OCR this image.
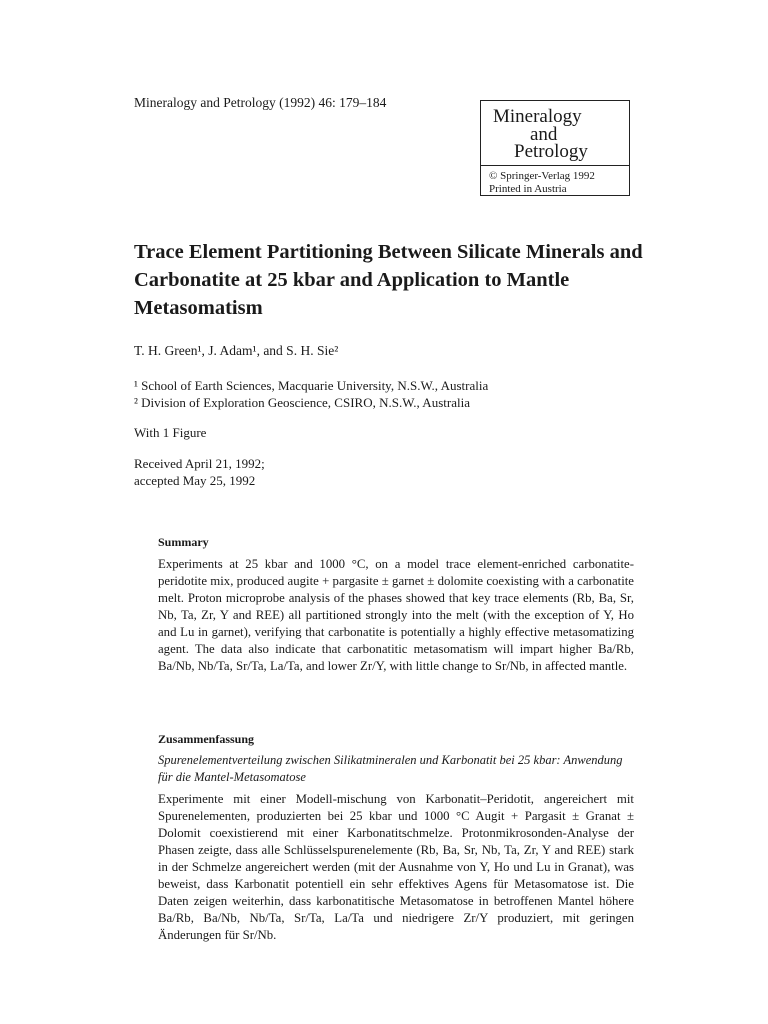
Mineralogy and Petrology (1992) 46: 179–184
Mineralogy
and
Petrology
© Springer-Verlag 1992
Printed in Austria
Trace Element Partitioning Between Silicate Minerals and Carbonatite at 25 kbar and Application to Mantle Metasomatism
T. H. Green¹, J. Adam¹, and S. H. Sie²
¹ School of Earth Sciences, Macquarie University, N.S.W., Australia
² Division of Exploration Geoscience, CSIRO, N.S.W., Australia
With 1 Figure
Received April 21, 1992;
accepted May 25, 1992
Summary

Experiments at 25 kbar and 1000 °C, on a model trace element-enriched carbonatite-peridotite mix, produced augite + pargasite ± garnet ± dolomite coexisting with a carbonatite melt. Proton microprobe analysis of the phases showed that key trace elements (Rb, Ba, Sr, Nb, Ta, Zr, Y and REE) all partitioned strongly into the melt (with the exception of Y, Ho and Lu in garnet), verifying that carbonatite is potentially a highly effective metasomatizing agent. The data also indicate that carbonatitic metasomatism will impart higher Ba/Rb, Ba/Nb, Nb/Ta, Sr/Ta, La/Ta, and lower Zr/Y, with little change to Sr/Nb, in affected mantle.

Zusammenfassung

Spurenelementverteilung zwischen Silikatmineralen und Karbonatit bei 25 kbar: Anwendung für die Mantel-Metasomatose

Experimente mit einer Modell-mischung von Karbonatit–Peridotit, angereichert mit Spurenelementen, produzierten bei 25 kbar und 1000 °C Augit + Pargasit ± Granat ± Dolomit coexistierend mit einer Karbonatitschmelze. Protonmikrosonden-Analyse der Phasen zeigte, dass alle Schlüsselspurenelemente (Rb, Ba, Sr, Nb, Ta, Zr, Y and REE) stark in der Schmelze angereichert werden (mit der Ausnahme von Y, Ho und Lu in Granat), was beweist, dass Karbonatit potentiell ein sehr effektives Agens für Metasomatose ist. Die Daten zeigen weiterhin, dass karbonatitische Metasomatose in betroffenen Mantel höhere Ba/Rb, Ba/Nb, Nb/Ta, Sr/Ta, La/Ta und niedrigere Zr/Y produziert, mit geringen Änderungen für Sr/Nb.
